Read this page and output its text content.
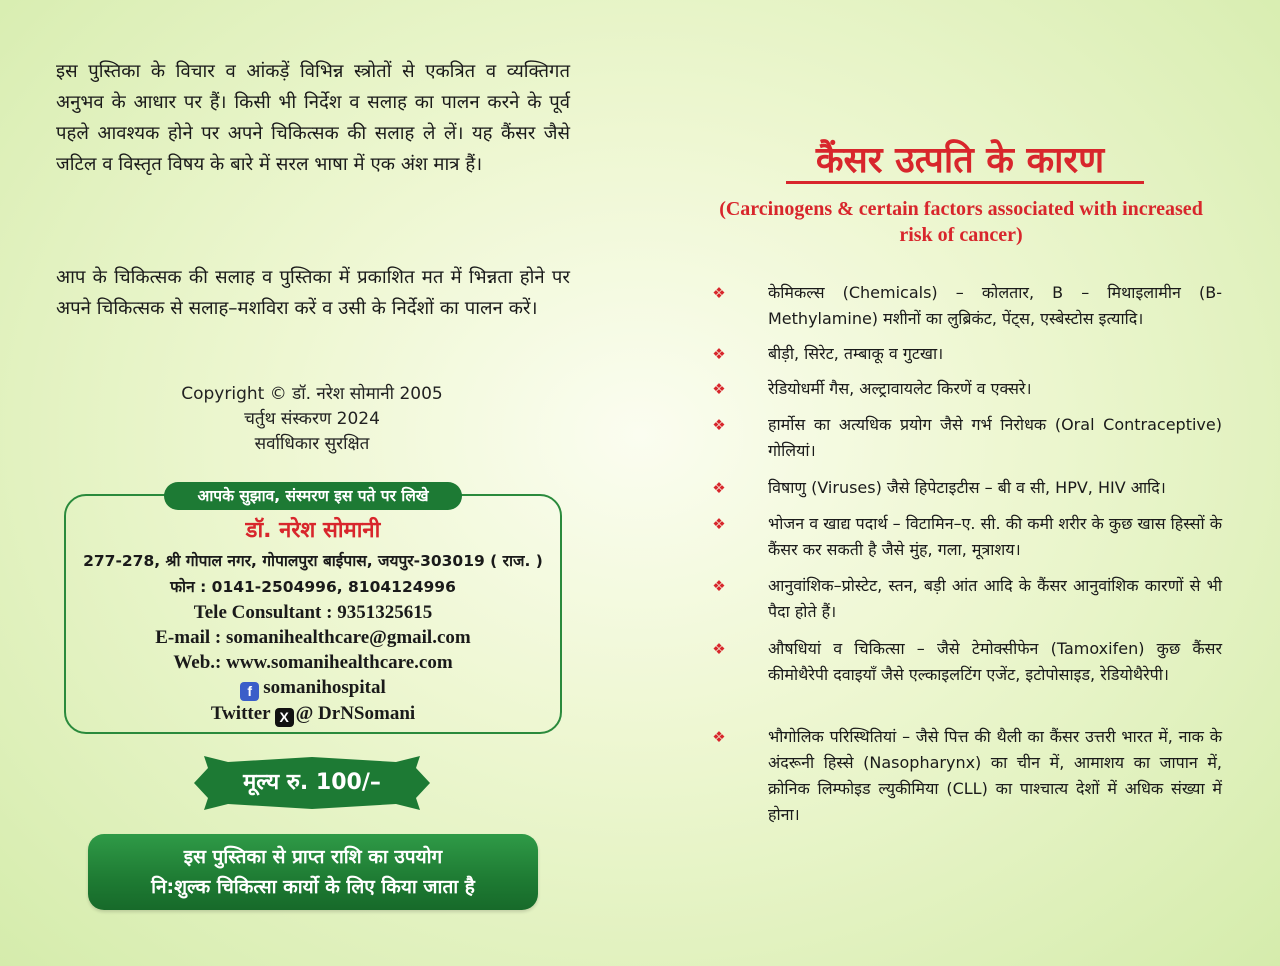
इस पुस्तिका के विचार व आंकड़ें विभिन्न स्त्रोतों से एकत्रित व व्यक्तिगत अनुभव के आधार पर हैं। किसी भी निर्देश व सलाह का पालन करने के पूर्व पहले आवश्यक होने पर अपने चिकित्सक की सलाह ले लें। यह कैंसर जैसे जटिल व विस्तृत विषय के बारे में सरल भाषा में एक अंश मात्र हैं।

आप के चिकित्सक की सलाह व पुस्तिका में प्रकाशित मत में भिन्नता होने पर अपने चिकित्सक से सलाह–मशविरा करें व उसी के निर्देशों का पालन करें।

Copyright © डॉ. नरेश सोमानी 2005
चर्तुथ संस्करण 2024
सर्वाधिकार सुरक्षित
आपके सुझाव, संस्मरण इस पते पर लिखे
डॉ. नरेश सोमानी
277-278, श्री गोपाल नगर, गोपालपुरा बाईपास, जयपुर-303019 ( राज. )
फोन : 0141-2504996, 8104124996
Tele Consultant : 9351325615
E-mail : somanihealthcare@gmail.com
Web.: www.somanihealthcare.com
f somanihospital
Twitter X @ DrNSomani
मूल्य रु. 100/–
इस पुस्तिका से प्राप्त राशि का उपयोग
नि:शुल्क चिकित्सा कार्यो के लिए किया जाता है
कैंसर उत्पति के कारण
(Carcinogens & certain factors associated with increased risk of cancer)
❖	केमिकल्स (Chemicals) – कोलतार, B – मिथाइलामीन (B-Methylamine) मशीनों का लुब्रिकंट, पेंट्स, एस्बेस्टोस इत्यादि।
❖	बीड़ी, सिरेट, तम्बाकू व गुटखा।
❖	रेडियोधर्मी गैस, अल्ट्रावायलेट किरणें व एक्सरे।
❖	हार्मोस का अत्यधिक प्रयोग जैसे गर्भ निरोधक (Oral Contraceptive) गोलियां।
❖	विषाणु (Viruses) जैसे हिपेटाइटीस – बी व सी, HPV, HIV आदि।
❖	भोजन व खाद्य पदार्थ – विटामिन–ए. सी. की कमी शरीर के कुछ खास हिस्सों के कैंसर कर सकती है जैसे मुंह, गला, मूत्राशय।
❖	आनुवांशिक–प्रोस्टेट, स्तन, बड़ी आंत आदि के कैंसर आनुवांशिक कारणों से भी पैदा होते हैं।
❖	औषधियां व चिकित्सा – जैसे टेमोक्सीफेन (Tamoxifen) कुछ कैंसर कीमोथैरेपी दवाइयाँ जैसे एल्काइलटिंग एजेंट, इटोपोसाइड, रेडियोथैरेपी।
❖	भौगोलिक परिस्थितियां – जैसे पित्त की थैली का कैंसर उत्तरी भारत में, नाक के अंदरूनी हिस्से (Nasopharynx) का चीन में, आमाशय का जापान में, क्रोनिक लिम्फोइड ल्युकीमिया (CLL) का पाश्चात्य देशों में अधिक संख्या में होना।
